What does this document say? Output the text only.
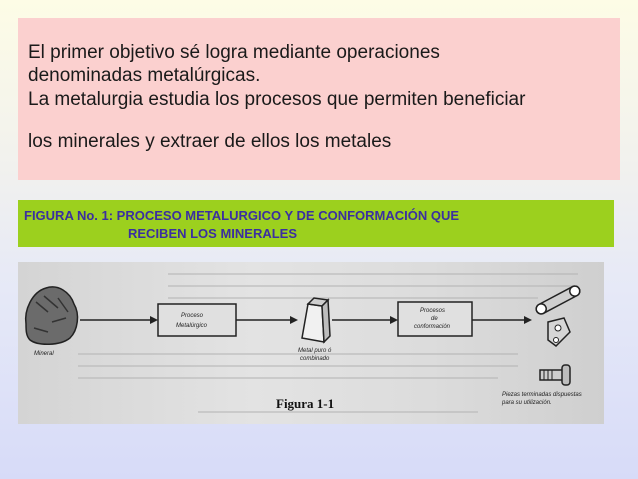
El primer objetivo sé logra mediante operaciones

denominadas metalúrgicas.

La metalurgia estudia los procesos que permiten beneficiar

los minerales y extraer de ellos los metales

FIGURA No. 1: PROCESO METALURGICO Y DE CONFORMACIÓN QUE
RECIBEN LOS MINERALES
Mineral
Proceso
Metalúrgico
Metal puro ó
combinado
Procesos
de
conformación
Piezas terminadas dispuestas
para su utilización.
Figura 1-1
